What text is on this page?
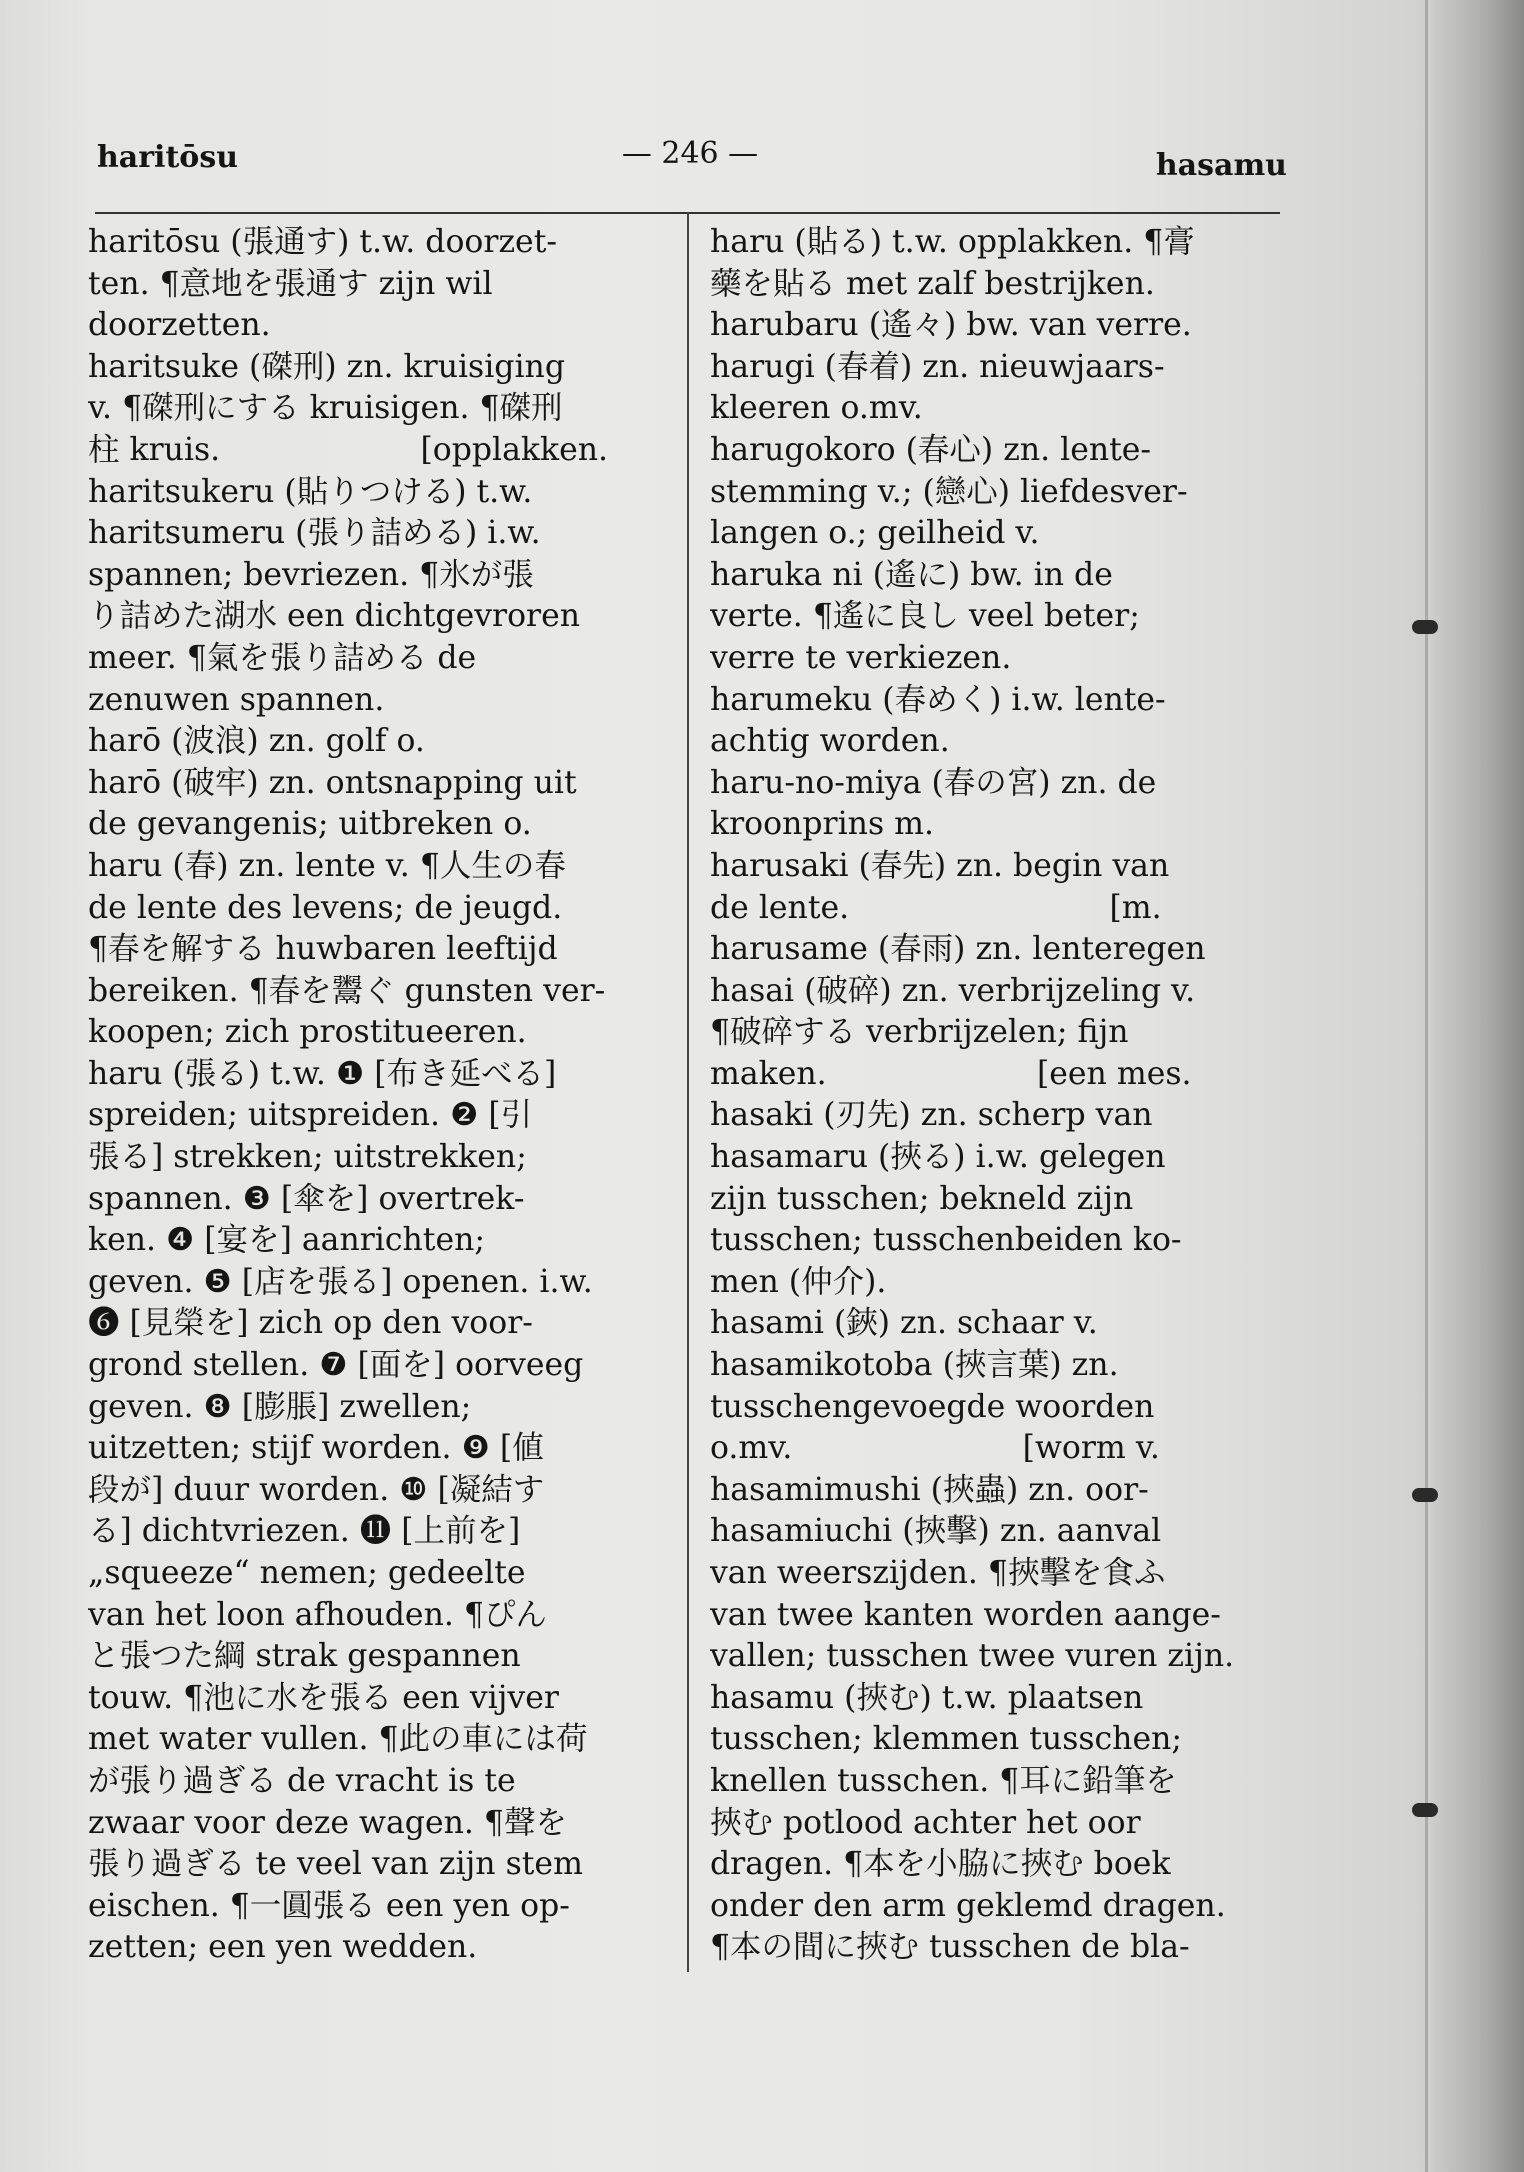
haritōsu	— 246 —	hasamu
haritōsu (張通す) t.w. doorzet-
ten. ¶意地を張通す zijn wil
doorzetten.
haritsuke (磔刑) zn. kruisiging
v. ¶磔刑にする kruisigen. ¶磔刑
柱 kruis.                    [opplakken.
haritsukeru (貼りつける) t.w.
haritsumeru (張り詰める) i.w.
spannen; bevriezen. ¶氷が張
り詰めた湖水 een dichtgevroren
meer. ¶氣を張り詰める de
zenuwen spannen.
harō (波浪) zn. golf o.
harō (破牢) zn. ontsnapping uit
de gevangenis; uitbreken o.
haru (春) zn. lente v. ¶人生の春
de lente des levens; de jeugd.
¶春を解する huwbaren leeftijd
bereiken. ¶春を鬻ぐ gunsten ver-
koopen; zich prostitueeren.
haru (張る) t.w. ❶ [布き延べる]
spreiden; uitspreiden. ❷ [引
張る] strekken; uitstrekken;
spannen. ❸ [傘を] overtrek-
ken. ❹ [宴を] aanrichten;
geven. ❺ [店を張る] openen. i.w.
❻ [見榮を] zich op den voor-
grond stellen. ❼ [面を] oorveeg
geven. ❽ [膨脹] zwellen;
uitzetten; stijf worden. ❾ [値
段が] duur worden. ❿ [凝結す
る] dichtvriezen. ⓫ [上前を]
„squeeze“ nemen; gedeelte
van het loon afhouden. ¶ぴん
と張つた綱 strak gespannen
touw. ¶池に水を張る een vijver
met water vullen. ¶此の車には荷
が張り過ぎる de vracht is te
zwaar voor deze wagen. ¶聲を
張り過ぎる te veel van zijn stem
eischen. ¶一圓張る een yen op-
zetten; een yen wedden.
haru (貼る) t.w. opplakken. ¶膏
藥を貼る met zalf bestrijken.
harubaru (遙々) bw. van verre.
harugi (春着) zn. nieuwjaars-
kleeren o.mv.
harugokoro (春心) zn. lente-
stemming v.; (戀心) liefdesver-
langen o.; geilheid v.
haruka ni (遙に) bw. in de
verte. ¶遙に良し veel beter;
verre te verkiezen.
harumeku (春めく) i.w. lente-
achtig worden.
haru-no-miya (春の宮) zn. de
kroonprins m.
harusaki (春先) zn. begin van
de lente.                          [m.
harusame (春雨) zn. lenteregen
hasai (破碎) zn. verbrijzeling v.
¶破碎する verbrijzelen; fijn
maken.                     [een mes.
hasaki (刃先) zn. scherp van
hasamaru (挾る) i.w. gelegen
zijn tusschen; bekneld zijn
tusschen; tusschenbeiden ko-
men (仲介).
hasami (鋏) zn. schaar v.
hasamikotoba (挾言葉) zn.
tusschengevoegde woorden
o.mv.                       [worm v.
hasamimushi (挾蟲) zn. oor-
hasamiuchi (挾擊) zn. aanval
van weerszijden. ¶挾擊を食ふ
van twee kanten worden aange-
vallen; tusschen twee vuren zijn.
hasamu (挾む) t.w. plaatsen
tusschen; klemmen tusschen;
knellen tusschen. ¶耳に鉛筆を
挾む potlood achter het oor
dragen. ¶本を小脇に挾む boek
onder den arm geklemd dragen.
¶本の間に挾む tusschen de bla-
